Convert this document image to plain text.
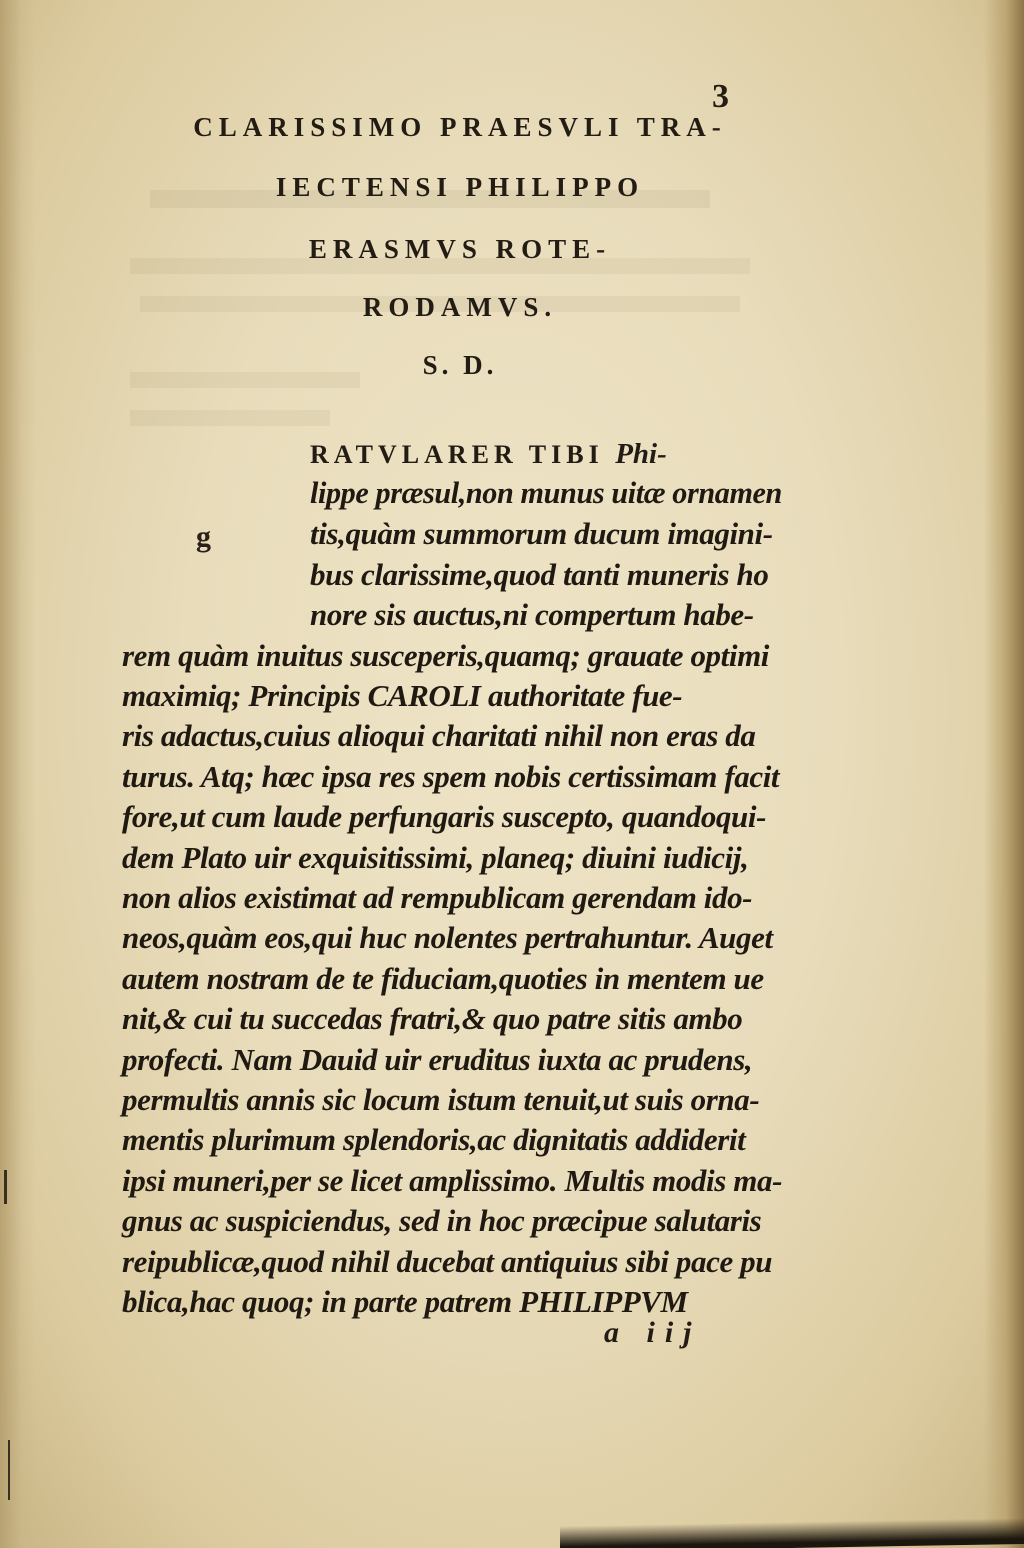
3
CLARISSIMO PRAESVLI TRA-
IECTENSI PHILIPPO
ERASMVS ROTE-
RODAMVS.
S. D.
g
RATVLARER TIBI Phi-
lippe præsul,non munus uitæ ornamen
tis,quàm summorum ducum imagini-
bus clarissime,quod tanti muneris ho
nore sis auctus,ni compertum habe-
rem quàm inuitus susceperis,quamq; grauate optimi
maximiq; Principis CAROLI authoritate fue-
ris adactus,cuius alioqui charitati nihil non eras da
turus. Atq; hæc ipsa res spem nobis certissimam facit
fore,ut cum laude perfungaris suscepto, quandoqui-
dem Plato uir exquisitissimi, planeq; diuini iudicij,
non alios existimat ad rempublicam gerendam ido-
neos,quàm eos,qui huc nolentes pertrahuntur. Auget
autem nostram de te fiduciam,quoties in mentem ue
nit,& cui tu succedas fratri,& quo patre sitis ambo
profecti. Nam Dauid uir eruditus iuxta ac prudens,
permultis annis sic locum istum tenuit,ut suis orna-
mentis plurimum splendoris,ac dignitatis addiderit
ipsi muneri,per se licet amplissimo. Multis modis ma-
gnus ac suspiciendus, sed in hoc præcipue salutaris
reipublicæ,quod nihil ducebat antiquius sibi pace pu
blica,hac quoq; in parte patrem PHILIPPVM
a iij
